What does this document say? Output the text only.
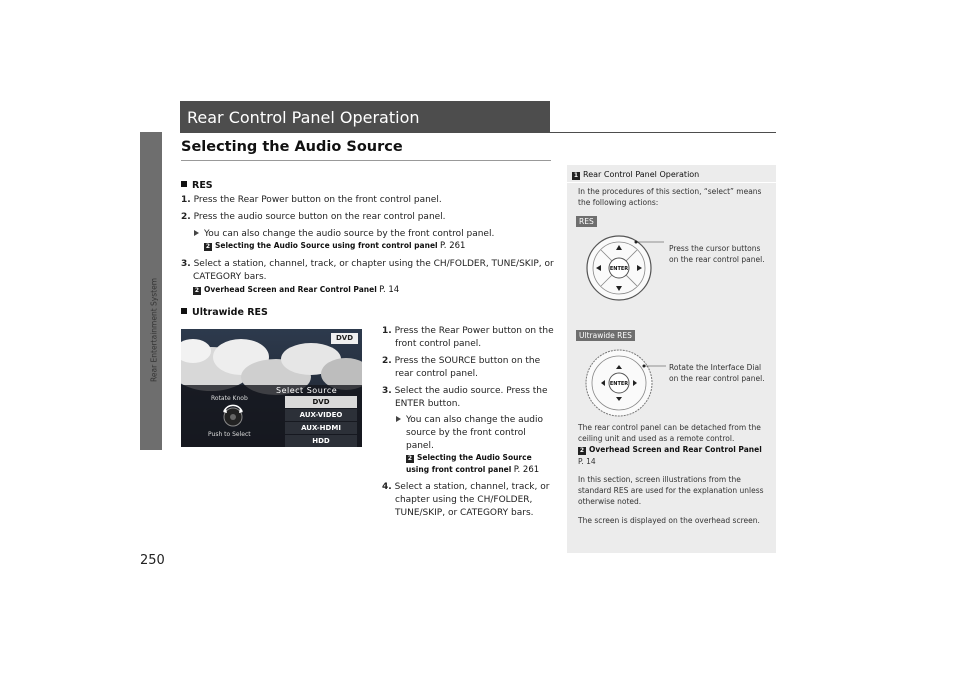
Rear Entertainment System
250
Rear Control Panel Operation
Selecting the Audio Source
RES
1. Press the Rear Power button on the front control panel.
2. Press the audio source button on the rear control panel.
You can also change the audio source by the front control panel.
2 Selecting the Audio Source using front control panel P. 261
3. Select a station, channel, track, or chapter using the CH/FOLDER, TUNE/SKIP, or
CATEGORY bars.
2 Overhead Screen and Rear Control Panel P. 14
Ultrawide RES
DVD
Select Source
DVD
AUX-VIDEO
AUX-HDMI
HDD
Rotate Knob
Push to Select
1. Press the Rear Power button on the
front control panel.
2. Press the SOURCE button on the
rear control panel.
3. Select the audio source. Press the
ENTER button.
You can also change the audio
source by the front control
panel.
2 Selecting the Audio Source
using front control panel P. 261
4. Select a station, channel, track, or
chapter using the CH/FOLDER,
TUNE/SKIP, or CATEGORY bars.
1 Rear Control Panel Operation
In the procedures of this section, “select” means
the following actions:
RES
ENTER
Press the cursor buttons
on the rear control panel.
Ultrawide RES
ENTER
Rotate the Interface Dial
on the rear control panel.
The rear control panel can be detached from the
ceiling unit and used as a remote control.
2 Overhead Screen and Rear Control Panel
P. 14
In this section, screen illustrations from the
standard RES are used for the explanation unless
otherwise noted.
The screen is displayed on the overhead screen.
